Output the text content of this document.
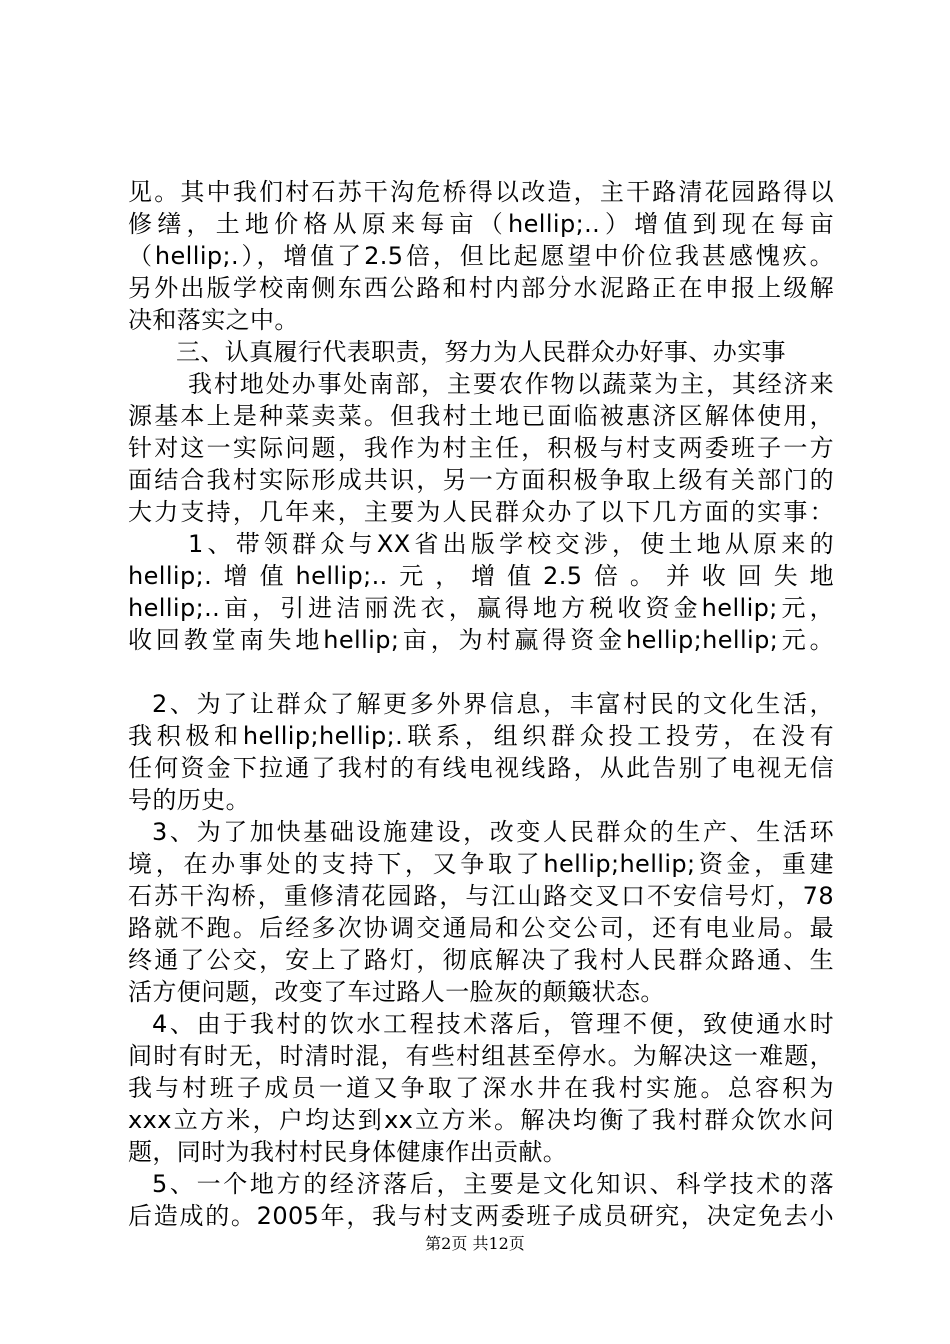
见。其中我们村石苏干沟危桥得以改造，主干路清花园路得以
修缮，土地价格从原来每亩（hellip;..）增值到现在每亩
（hellip;.），增值了2.5倍，但比起愿望中价位我甚感愧疚。
另外出版学校南侧东西公路和村内部分水泥路正在申报上级解
决和落实之中。
三、认真履行代表职责，努力为人民群众办好事、办实事
我村地处办事处南部，主要农作物以蔬菜为主，其经济来
源基本上是种菜卖菜。但我村土地已面临被惠济区解体使用，
针对这一实际问题，我作为村主任，积极与村支两委班子一方
面结合我村实际形成共识，另一方面积极争取上级有关部门的
大力支持，几年来，主要为人民群众办了以下几方面的实事：
1、带领群众与XX省出版学校交涉，使土地从原来的
hellip;.增值hellip;..元，增值2.5倍。并收回失地
hellip;..亩，引进洁丽洗衣，赢得地方税收资金hellip;元，
收回教堂南失地hellip;亩，为村赢得资金hellip;hellip;元。
2、为了让群众了解更多外界信息，丰富村民的文化生活，
我积极和hellip;hellip;.联系，组织群众投工投劳，在没有
任何资金下拉通了我村的有线电视线路，从此告别了电视无信
号的历史。
3、为了加快基础设施建设，改变人民群众的生产、生活环
境，在办事处的支持下，又争取了hellip;hellip;资金，重建
石苏干沟桥，重修清花园路，与江山路交叉口不安信号灯，78
路就不跑。后经多次协调交通局和公交公司，还有电业局。最
终通了公交，安上了路灯，彻底解决了我村人民群众路通、生
活方便问题，改变了车过路人一脸灰的颠簸状态。
4、由于我村的饮水工程技术落后，管理不便，致使通水时
间时有时无，时清时混，有些村组甚至停水。为解决这一难题，
我与村班子成员一道又争取了深水井在我村实施。总容积为
xxx立方米，户均达到xx立方米。解决均衡了我村群众饮水问
题，同时为我村村民身体健康作出贡献。
5、一个地方的经济落后，主要是文化知识、科学技术的落
后造成的。2005年，我与村支两委班子成员研究，决定免去小
第2页 共12页
